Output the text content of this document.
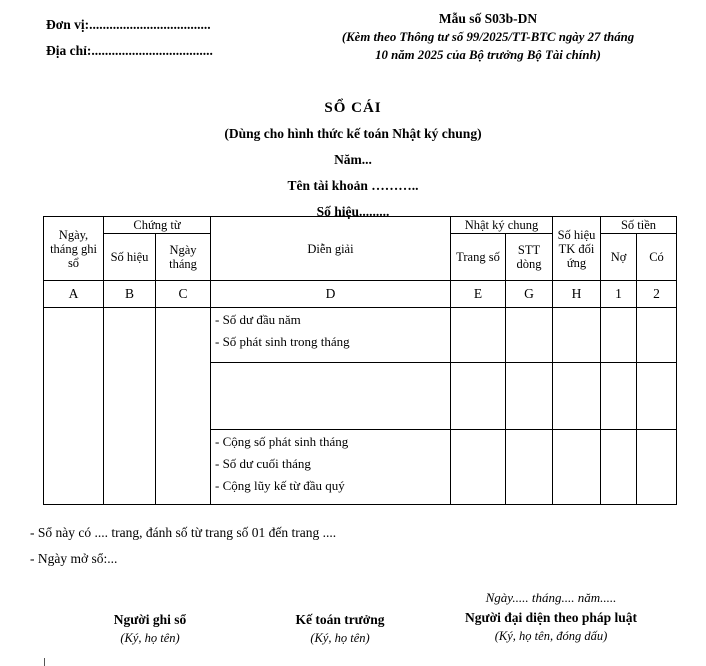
Đơn vị:....................................
Địa chỉ:....................................
Mẫu số S03b-DN
(Kèm theo Thông tư số 99/2025/TT-BTC ngày 27 tháng
10 năm 2025 của Bộ trưởng Bộ Tài chính)
SỔ CÁI
(Dùng cho hình thức kế toán Nhật ký chung)
Năm...
Tên tài khoản ………..
Số hiệu.........
Ngày, tháng ghi sổ	Chứng từ		Diễn giải	Nhật ký chung		Số hiệu TK đối ứng	Số tiền	
	Số hiệu	Ngày tháng		Trang số	STT dòng		Nợ	Có
A	B	C	D	E	G	H	1	2

			- Số dư đầu năm
- Số phát sinh trong tháng					

			- Cộng số phát sinh tháng
- Số dư cuối tháng
- Cộng lũy kế từ đầu quý					

- Sổ này có .... trang, đánh số từ trang số 01 đến trang ....
- Ngày mở sổ:...
Người ghi sổ
(Ký, họ tên)
Kế toán trưởng
(Ký, họ tên)
Ngày..... tháng.... năm.....
Người đại diện theo pháp luật
(Ký, họ tên, đóng dấu)
